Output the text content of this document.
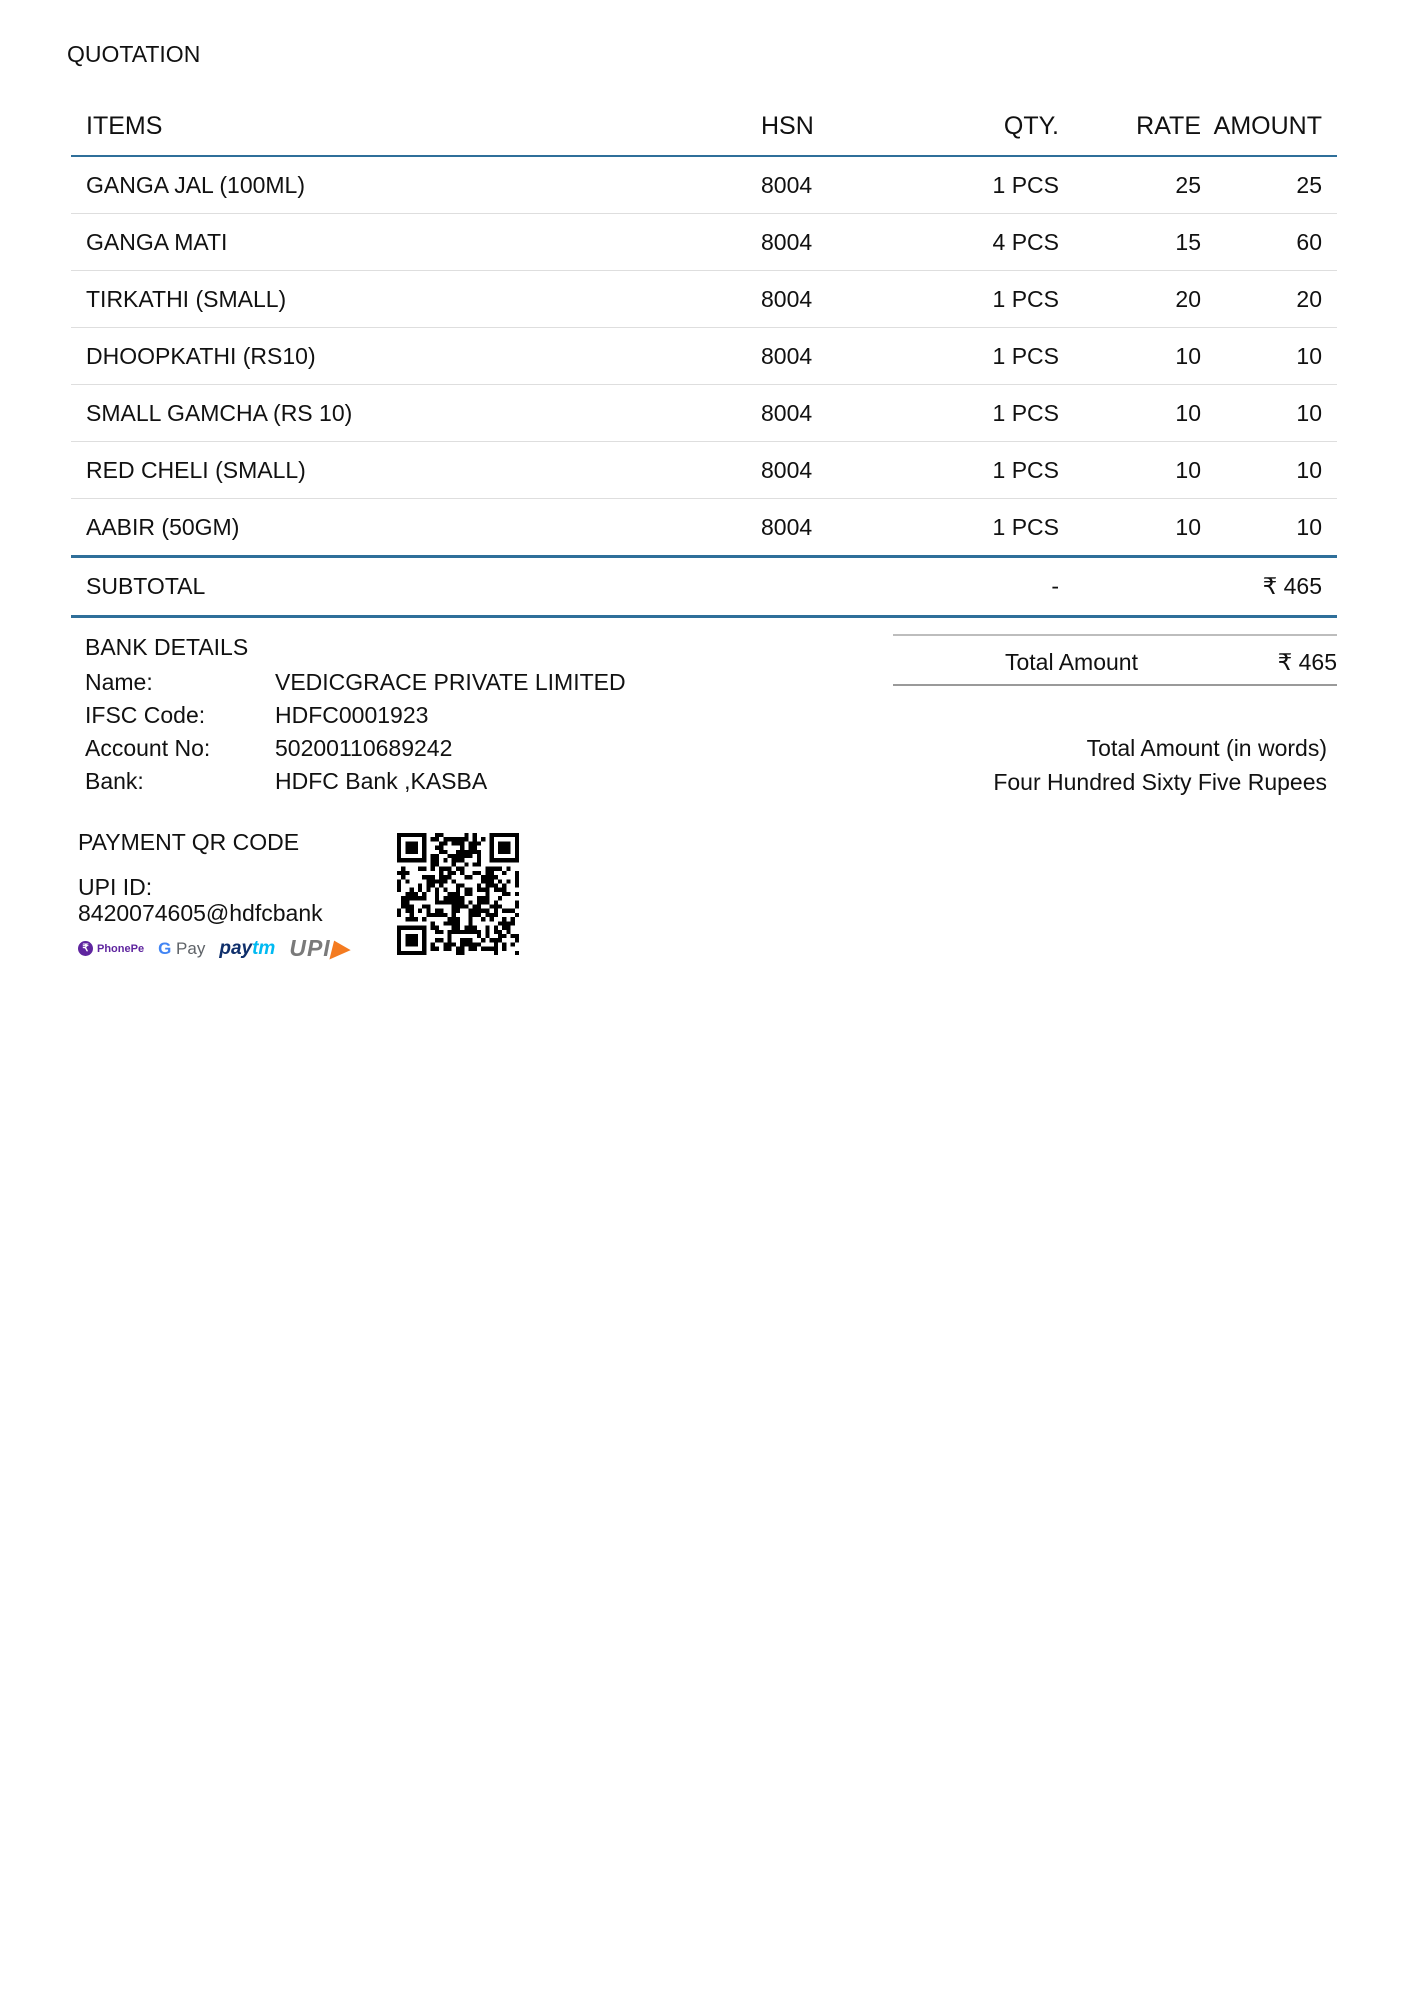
QUOTATION
ITEMS	HSN	QTY.	RATE AMOUNT
GANGA JAL (100ML)	8004	1 PCS	25	25
GANGA MATI	8004	4 PCS	15	60
TIRKATHI (SMALL)	8004	1 PCS	20	20
DHOOPKATHI (RS10)	8004	1 PCS	10	10
SMALL GAMCHA (RS 10)	8004	1 PCS	10	10
RED CHELI (SMALL)	8004	1 PCS	10	10
AABIR (50GM)	8004	1 PCS	10	10
SUBTOTAL	-	₹ 465
BANK DETAILS
Name:	VEDICGRACE PRIVATE LIMITED
IFSC Code:	HDFC0001923
Account No:	50200110689242
Bank:	HDFC Bank ,KASBA
Total Amount	₹ 465
Total Amount (in words)
Four Hundred Sixty Five Rupees
PAYMENT QR CODE
UPI ID:
8420074605@hdfcbank
₹ PhonePe G Pay paytm UPI▶
